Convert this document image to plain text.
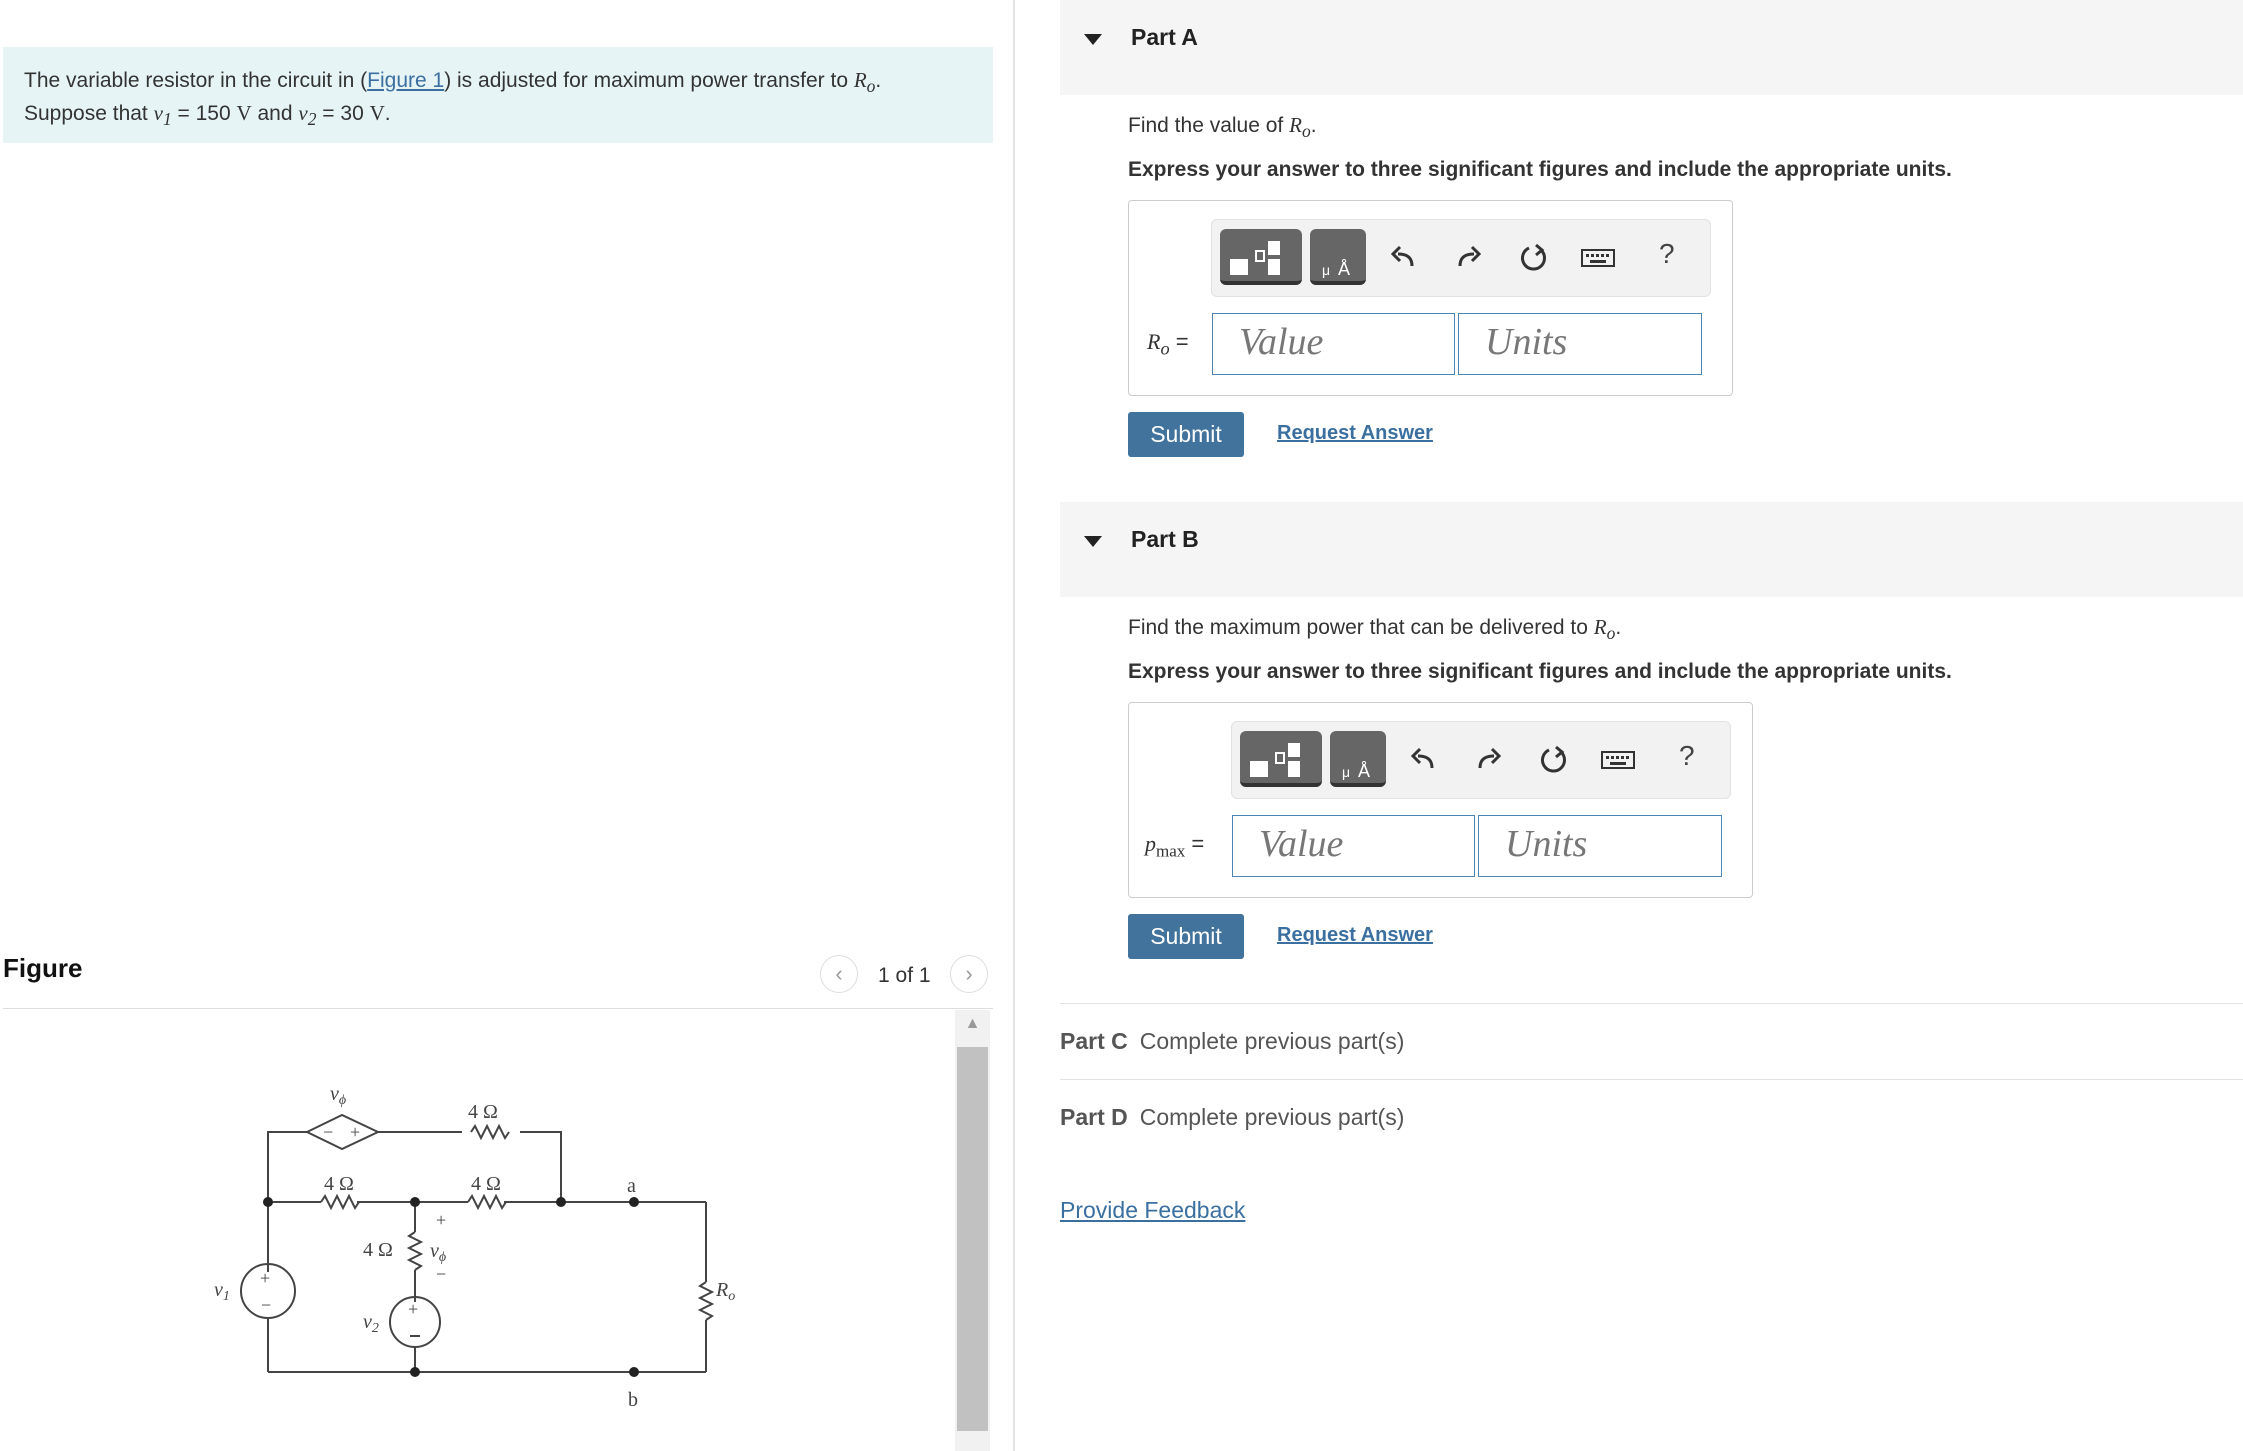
The variable resistor in the circuit in (Figure 1) is adjusted for maximum power transfer to $R_o$.
Suppose that $v_1 = 150$ V and $v_2 = 30$ V.
Figure	‹ 1 of 1 ›
− +
+
−	+
$v_\phi$
4 Ω
4 Ω	4 Ω
4 Ω
a
b
$v_1$
$v_2$
$R_o$
+
$v_\phi$
−
▲
Part A
Find the value of $R_o$.
Express your answer to three significant figures and include the appropriate units.
μ Å	?
$R_o$ =	Value	Units
Submit	Request Answer
Part B
Find the maximum power that can be delivered to $R_o$.
Express your answer to three significant figures and include the appropriate units.
μ Å	?
$p_{max}$ =	Value	Units
Submit	Request Answer
Part C Complete previous part(s)
Part D Complete previous part(s)
Provide Feedback
